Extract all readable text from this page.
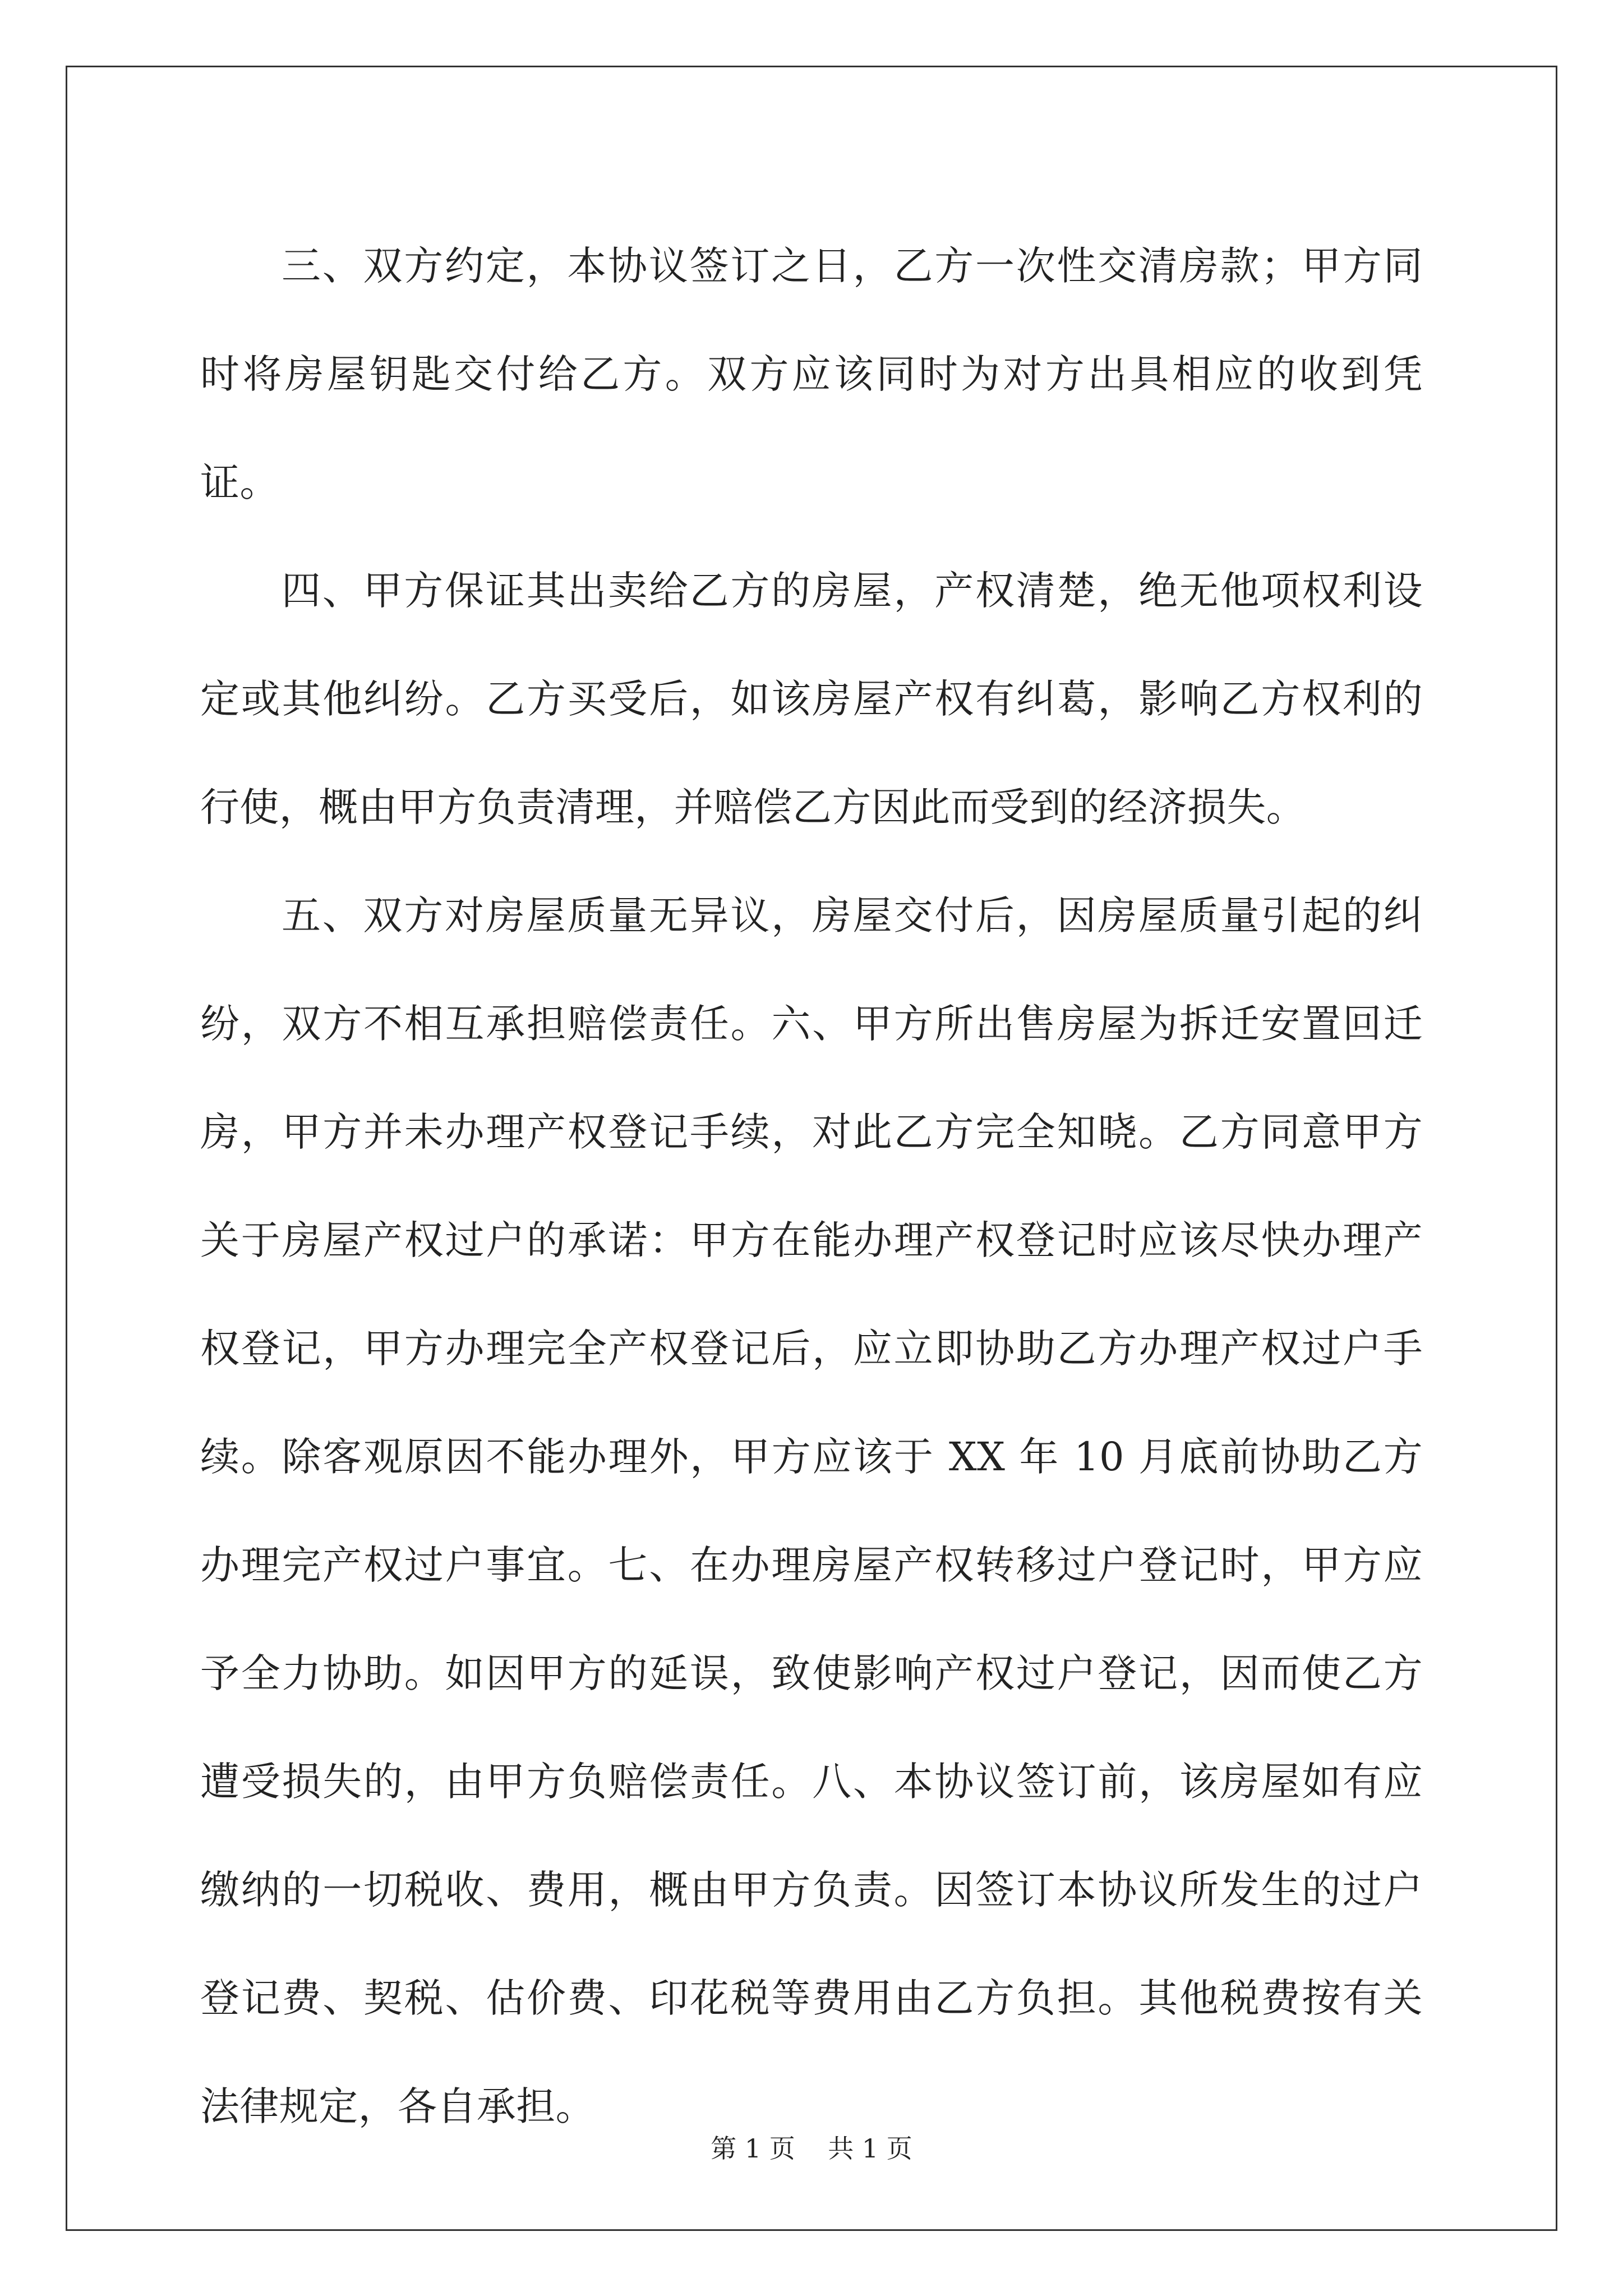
三、双方约定，本协议签订之日，乙方一次性交清房款；甲方同时将房屋钥匙交付给乙方。双方应该同时为对方出具相应的收到凭证。

四、甲方保证其出卖给乙方的房屋，产权清楚，绝无他项权利设定或其他纠纷。乙方买受后，如该房屋产权有纠葛，影响乙方权利的行使，概由甲方负责清理，并赔偿乙方因此而受到的经济损失。

五、双方对房屋质量无异议，房屋交付后，因房屋质量引起的纠纷，双方不相互承担赔偿责任。六、甲方所出售房屋为拆迁安置回迁房，甲方并未办理产权登记手续，对此乙方完全知晓。乙方同意甲方关于房屋产权过户的承诺：甲方在能办理产权登记时应该尽快办理产权登记，甲方办理完全产权登记后，应立即协助乙方办理产权过户手续。除客观原因不能办理外，甲方应该于 XX 年 10 月底前协助乙方办理完产权过户事宜。七、在办理房屋产权转移过户登记时，甲方应予全力协助。如因甲方的延误，致使影响产权过户登记，因而使乙方遭受损失的，由甲方负赔偿责任。八、本协议签订前，该房屋如有应缴纳的一切税收、费用，概由甲方负责。因签订本协议所发生的过户登记费、契税、估价费、印花税等费用由乙方负担。其他税费按有关法律规定，各自承担。

第 1 页 共 1 页
